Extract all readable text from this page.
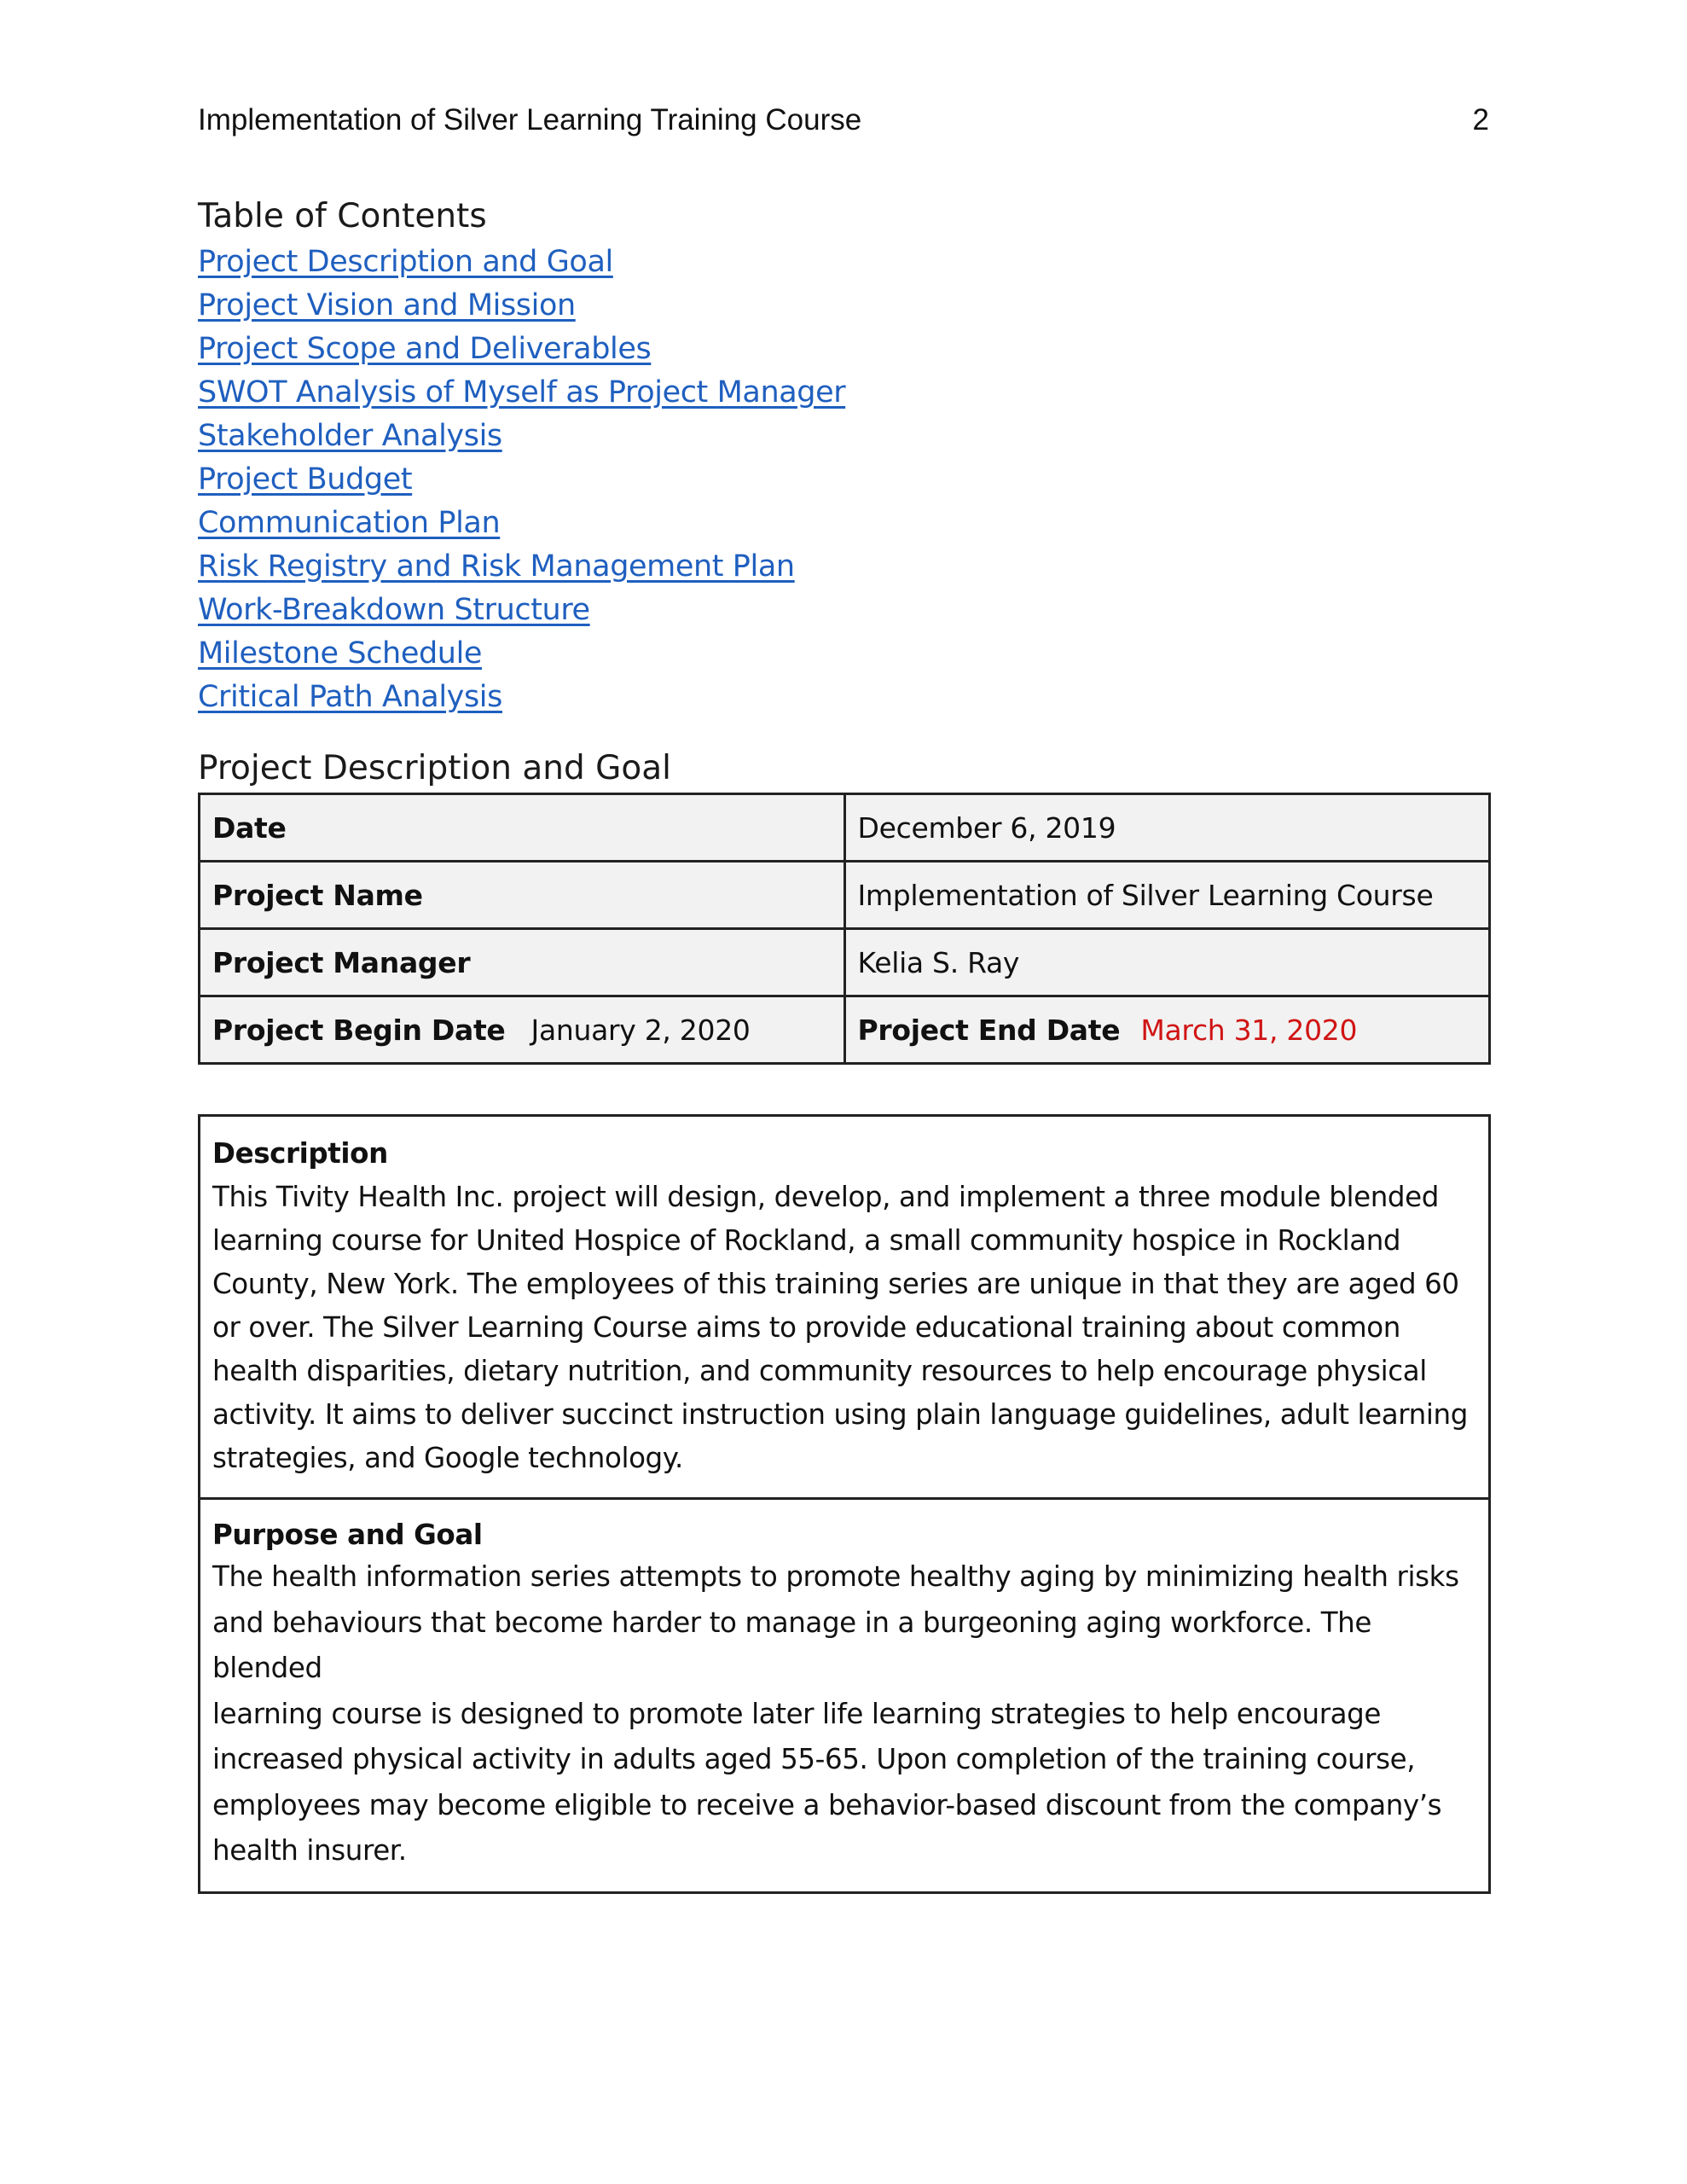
Implementation of Silver Learning Training Course	2
Table of Contents
Project Description and Goal
Project Vision and Mission
Project Scope and Deliverables
SWOT Analysis of Myself as Project Manager
Stakeholder Analysis
Project Budget
Communication Plan
Risk Registry and Risk Management Plan
Work-Breakdown Structure
Milestone Schedule
Critical Path Analysis
Project Description and Goal
Date	December 6, 2019
Project Name	Implementation of Silver Learning Course
Project Manager	Kelia S. Ray
Project Begin Date January 2, 2020	Project End Date March 31, 2020
Description
This Tivity Health Inc. project will design, develop, and implement a three module blended
learning course for United Hospice of Rockland, a small community hospice in Rockland
County, New York. The employees of this training series are unique in that they are aged 60
or over. The Silver Learning Course aims to provide educational training about common
health disparities, dietary nutrition, and community resources to help encourage physical
activity. It aims to deliver succinct instruction using plain language guidelines, adult learning
strategies, and Google technology.
Purpose and Goal
The health information series attempts to promote healthy aging by minimizing health risks
and behaviours that become harder to manage in a burgeoning aging workforce. The blended
learning course is designed to promote later life learning strategies to help encourage
increased physical activity in adults aged 55-65. Upon completion of the training course,
employees may become eligible to receive a behavior-based discount from the company’s
health insurer.
